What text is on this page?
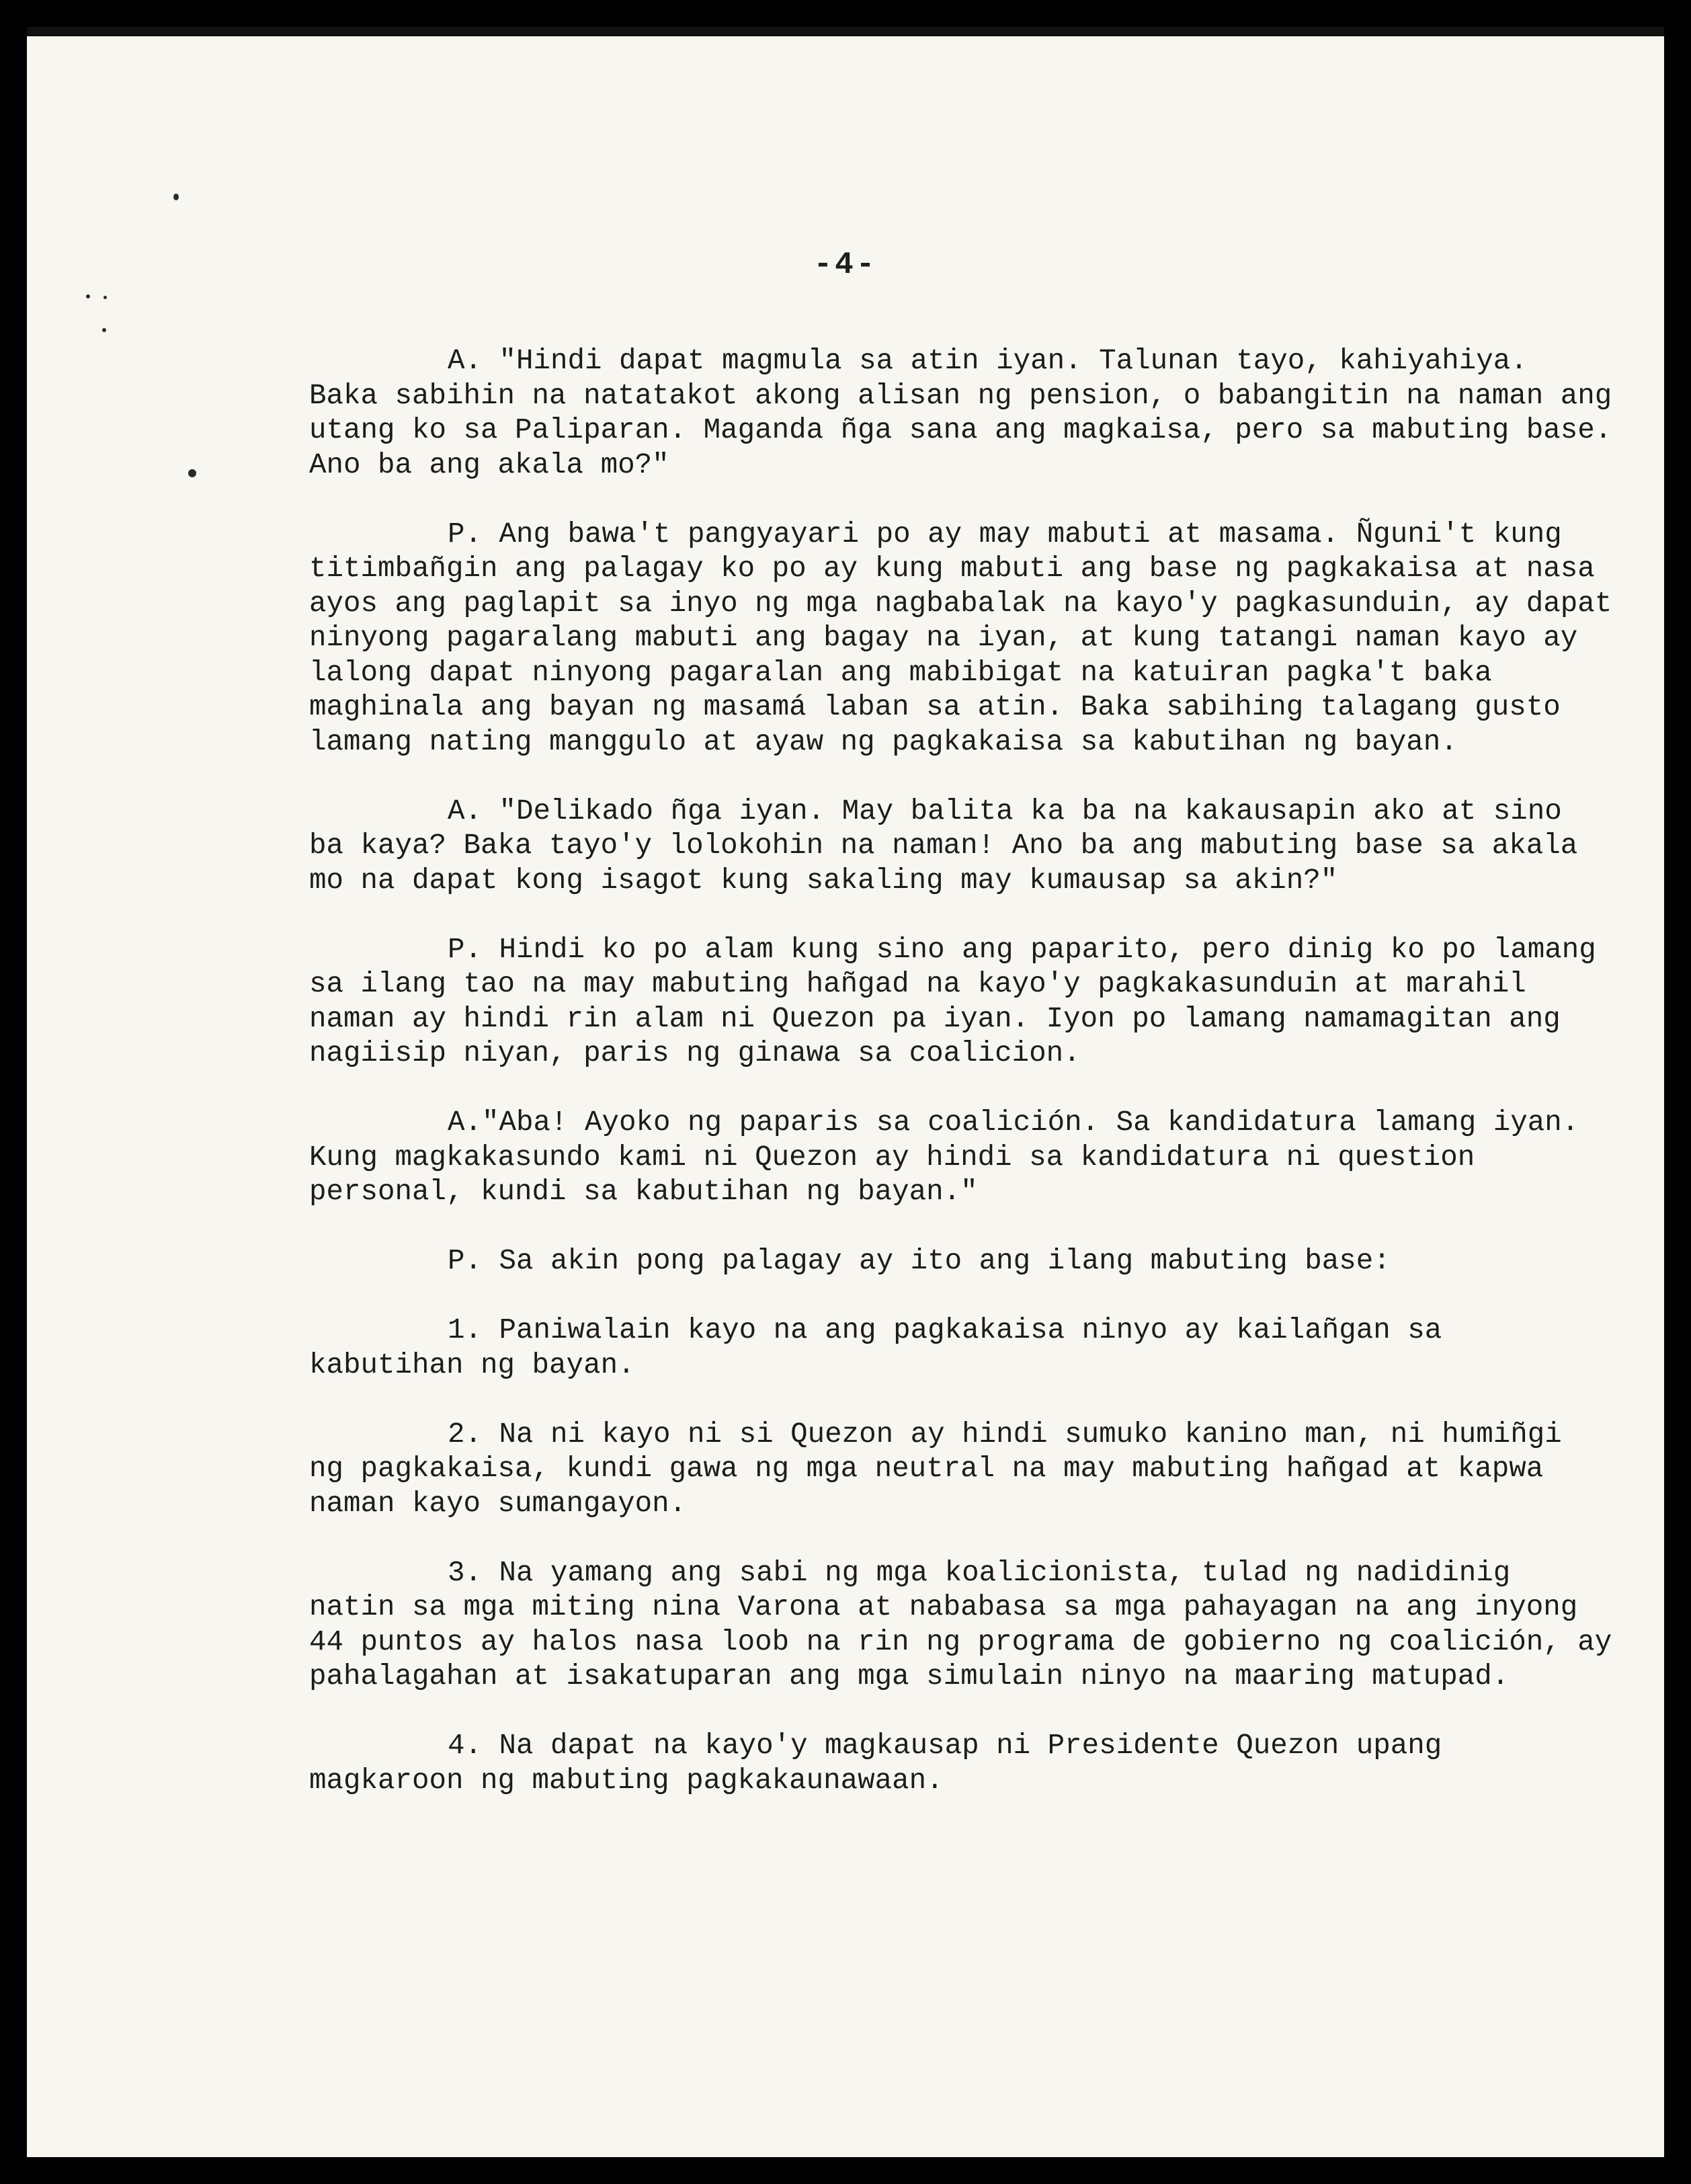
-4-

A. "Hindi dapat magmula sa atin iyan. Talunan tayo, kahiyahiya. Baka sabihin na natatakot akong alisan ng pension, o babangitin na naman ang utang ko sa Paliparan. Maganda ñga sana ang magkaisa, pero sa mabuting base. Ano ba ang akala mo?"

P. Ang bawa't pangyayari po ay may mabuti at masama. Ñguni't kung titimbañgin ang palagay ko po ay kung mabuti ang base ng pagkakaisa at nasa ayos ang paglapit sa inyo ng mga nagbabalak na kayo'y pagkasunduin, ay dapat ninyong pagaralang mabuti ang bagay na iyan, at kung tatangi naman kayo ay lalong dapat ninyong pagaralan ang mabibigat na katuiran pagka't baka maghinala ang bayan ng masamá laban sa atin. Baka sabihing talagang gusto lamang nating manggulo at ayaw ng pagkakaisa sa kabutihan ng bayan.

A. "Delikado ñga iyan. May balita ka ba na kakausapin ako at sino ba kaya? Baka tayo'y lolokohin na naman! Ano ba ang mabuting base sa akala mo na dapat kong isagot kung sakaling may kumausap sa akin?"

P. Hindi ko po alam kung sino ang paparito, pero dinig ko po lamang sa ilang tao na may mabuting hañgad na kayo'y pagkakasunduin at marahil naman ay hindi rin alam ni Quezon pa iyan. Iyon po lamang namamagitan ang nagiisip niyan, paris ng ginawa sa coalicion.

A."Aba! Ayoko ng paparis sa coalición. Sa kandidatura lamang iyan. Kung magkakasundo kami ni Quezon ay hindi sa kandidatura ni question personal, kundi sa kabutihan ng bayan."

P. Sa akin pong palagay ay ito ang ilang mabuting base:

1. Paniwalain kayo na ang pagkakaisa ninyo ay kailañgan sa kabutihan ng bayan.

2. Na ni kayo ni si Quezon ay hindi sumuko kanino man, ni humiñgi ng pagkakaisa, kundi gawa ng mga neutral na may mabuting hañgad at kapwa naman kayo sumangayon.

3. Na yamang ang sabi ng mga koalicionista, tulad ng nadidinig natin sa mga miting nina Varona at nababasa sa mga pahayagan na ang inyong 44 puntos ay halos nasa loob na rin ng programa de gobierno ng coalición, ay pahalagahan at isakatuparan ang mga simulain ninyo na maaring matupad.

4. Na dapat na kayo'y magkausap ni Presidente Quezon upang magkaroon ng mabuting pagkakaunawaan.
